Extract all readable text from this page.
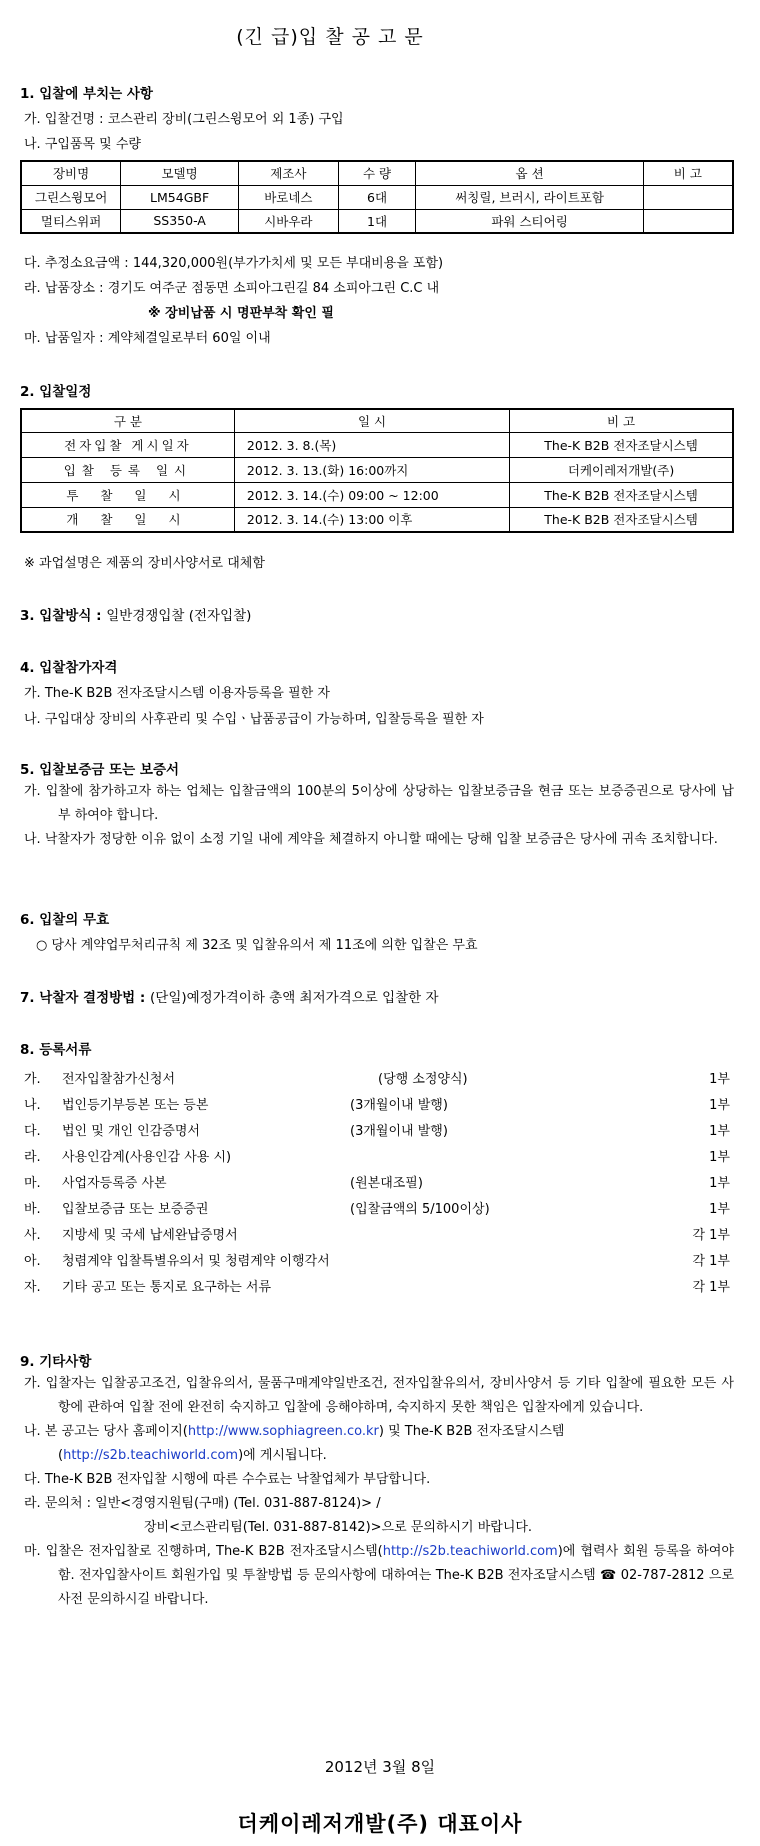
(긴 급)입 찰 공 고 문
1. 입찰에 부치는 사항
가. 입찰건명 : 코스관리 장비(그린스윙모어 외 1종) 구입
나. 구입품목 및 수량
장비명	모델명	제조사	수 량	옵 션	비 고
그린스윙모어	LM54GBF	바로네스	6대	써칭릴, 브러시, 라이트포함	
멀티스위퍼	SS350-A	시바우라	1대	파워 스티어링	
다. 추정소요금액 : 144,320,000원(부가가치세 및 모든 부대비용을 포함)
라. 납품장소 : 경기도 여주군 점동면 소피아그린길 84 소피아그린 C.C 내
※ 장비납품 시 명판부착 확인 필
마. 납품일자 : 계약체결일로부터 60일 이내
2. 입찰일정
구 분	일 시	비 고
전자입찰 게시일자	2012. 3. 8.(목)	The-K B2B 전자조달시스템
입찰 등록 일시	2012. 3. 13.(화) 16:00까지	더케이레저개발(주)
투 찰 일 시	2012. 3. 14.(수) 09:00 ~ 12:00	The-K B2B 전자조달시스템
개 찰 일 시	2012. 3. 14.(수) 13:00 이후	The-K B2B 전자조달시스템
※ 과업설명은 제품의 장비사양서로 대체함
3. 입찰방식 : 일반경쟁입찰 (전자입찰)
4. 입찰참가자격
가. The-K B2B 전자조달시스템 이용자등록을 필한 자
나. 구입대상 장비의 사후관리 및 수입ㆍ납품공급이 가능하며, 입찰등록을 필한 자
5. 입찰보증금 또는 보증서
가. 입찰에 참가하고자 하는 업체는 입찰금액의 100분의 5이상에 상당하는 입찰보증금을 현금 또는 보증증권으로 당사에 납부 하여야 합니다.
나. 낙찰자가 정당한 이유 없이 소정 기일 내에 계약을 체결하지 아니할 때에는 당해 입찰 보증금은 당사에 귀속 조치합니다.
6. 입찰의 무효
○ 당사 계약업무처리규칙 제 32조 및 입찰유의서 제 11조에 의한 입찰은 무효
7. 낙찰자 결정방법 : (단일)예정가격이하 총액 최저가격으로 입찰한 자
8. 등록서류
가. 전자입찰참가신청서	(당행 소정양식)	1부
나. 법인등기부등본 또는 등본	(3개월이내 발행)	1부
다. 법인 및 개인 인감증명서	(3개월이내 발행)	1부
라. 사용인감계(사용인감 사용 시)	1부
마. 사업자등록증 사본	(원본대조필)	1부
바. 입찰보증금 또는 보증증권	(입찰금액의 5/100이상)	1부
사. 지방세 및 국세 납세완납증명서	각 1부
아. 청렴계약 입찰특별유의서 및 청렴계약 이행각서	각 1부
자. 기타 공고 또는 통지로 요구하는 서류	각 1부
9. 기타사항
가. 입찰자는 입찰공고조건, 입찰유의서, 물품구매계약일반조건, 전자입찰유의서, 장비사양서 등 기타 입찰에 필요한 모든 사항에 관하여 입찰 전에 완전히 숙지하고 입찰에 응해야하며, 숙지하지 못한 책임은 입찰자에게 있습니다.
나. 본 공고는 당사 홈페이지(http://www.sophiagreen.co.kr) 및 The-K B2B 전자조달시스템
(http://s2b.teachiworld.com)에 게시됩니다.
다. The-K B2B 전자입찰 시행에 따른 수수료는 낙찰업체가 부담합니다.
라. 문의처 : 일반<경영지원팀(구매) (Tel. 031-887-8124)> /
장비<코스관리팀(Tel. 031-887-8142)>으로 문의하시기 바랍니다.
마. 입찰은 전자입찰로 진행하며, The-K B2B 전자조달시스템(http://s2b.teachiworld.com)에 협력사 회원 등록을 하여야 함. 전자입찰사이트 회원가입 및 투찰방법 등 문의사항에 대하여는 The-K B2B 전자조달시스템 ☎ 02-787-2812 으로 사전 문의하시길 바랍니다.
2012년 3월 8일
더케이레저개발(주) 대표이사
